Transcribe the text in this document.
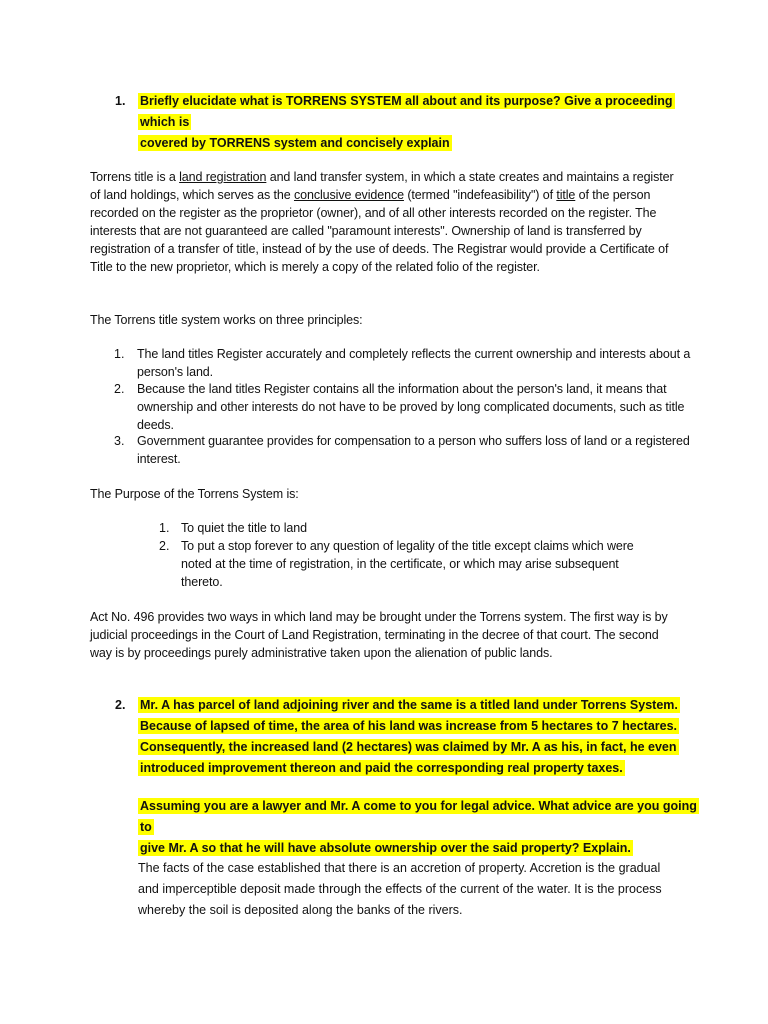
1. Briefly elucidate what is TORRENS SYSTEM all about and its purpose? Give a proceeding which is
covered by TORRENS system and concisely explain

Torrens title is a land registration and land transfer system, in which a state creates and maintains a register of land holdings, which serves as the conclusive evidence (termed "indefeasibility") of title of the person recorded on the register as the proprietor (owner), and of all other interests recorded on the register. The interests that are not guaranteed are called "paramount interests". Ownership of land is transferred by registration of a transfer of title, instead of by the use of deeds. The Registrar would provide a Certificate of Title to the new proprietor, which is merely a copy of the related folio of the register.

The Torrens title system works on three principles:
1. The land titles Register accurately and completely reflects the current ownership and interests about a person's land.
2. Because the land titles Register contains all the information about the person's land, it means that ownership and other interests do not have to be proved by long complicated documents, such as title deeds.
3. Government guarantee provides for compensation to a person who suffers loss of land or a registered interest.
The Purpose of the Torrens System is:
1. To quiet the title to land
2. To put a stop forever to any question of legality of the title except claims which were noted at the time of registration, in the certificate, or which may arise subsequent thereto.
Act No. 496 provides two ways in which land may be brought under the Torrens system. The first way is by judicial proceedings in the Court of Land Registration, terminating in the decree of that court. The second way is by proceedings purely administrative taken upon the alienation of public lands.
2. Mr. A has parcel of land adjoining river and the same is a titled land under Torrens System.
Because of lapsed of time, the area of his land was increase from 5 hectares to 7 hectares.
Consequently, the increased land (2 hectares) was claimed by Mr. A as his, in fact, he even
introduced improvement thereon and paid the corresponding real property taxes.
Assuming you are a lawyer and Mr. A come to you for legal advice. What advice are you going to
give Mr. A so that he will have absolute ownership over the said property? Explain.
The facts of the case established that there is an accretion of property. Accretion is the gradual
and imperceptible deposit made through the effects of the current of the water. It is the process
whereby the soil is deposited along the banks of the rivers.
